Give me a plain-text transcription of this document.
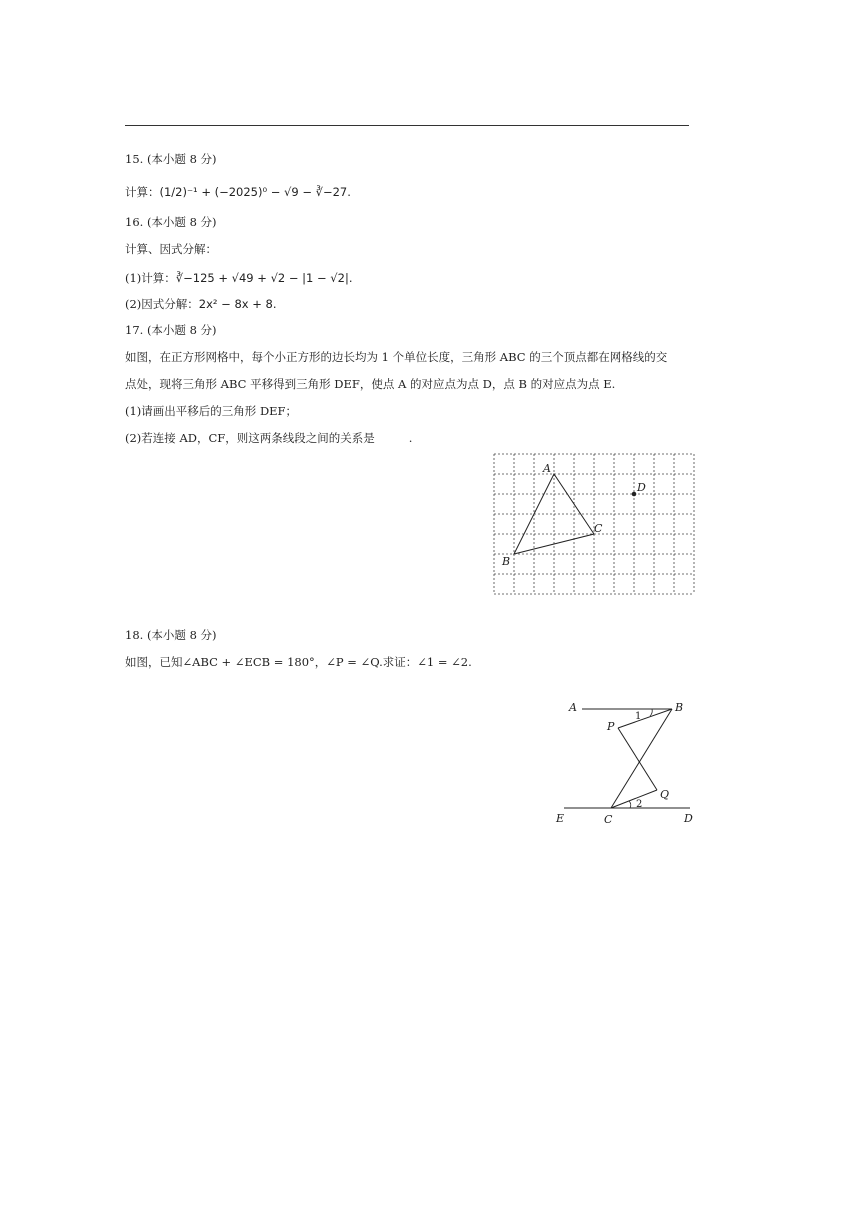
15. (本小题 8 分)
计算：(1/2)⁻¹ + (−2025)⁰ − √9 − ∛−27.
16. (本小题 8 分)
计算、因式分解：
(1)计算：∛−125 + √49 + √2 − |1 − √2|.
(2)因式分解：2x² − 8x + 8.
17. (本小题 8 分)
如图，在正方形网格中，每个小正方形的边长均为 1 个单位长度，三角形 ABC 的三个顶点都在网格线的交
点处，现将三角形 ABC 平移得到三角形 DEF，使点 A 的对应点为点 D，点 B 的对应点为点 E.
(1)请画出平移后的三角形 DEF；
(2)若连接 AD，CF，则这两条线段之间的关系是	.
A
B
C
D
18. (本小题 8 分)
如图，已知∠ABC + ∠ECB = 180°，∠P = ∠Q.求证：∠1 = ∠2.
A	B
P
Q
E	C	D
1
2
